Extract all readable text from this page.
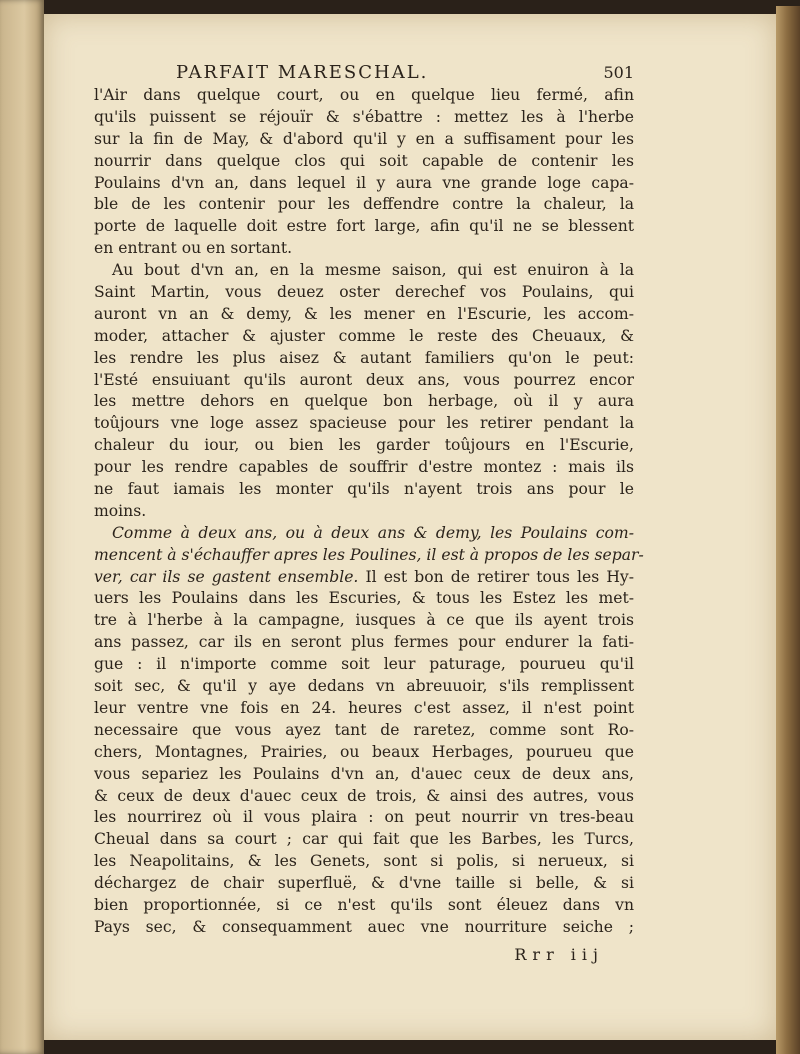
PARFAIT MARESCHAL.	501
l'Air dans quelque court, ou en quelque lieu fermé, afin
qu'ils puissent se réjouïr & s'ébattre : mettez les à l'herbe
sur la fin de May, & d'abord qu'il y en a suffisament pour les
nourrir dans quelque clos qui soit capable de contenir les
Poulains d'vn an, dans lequel il y aura vne grande loge capa-
ble de les contenir pour les deffendre contre la chaleur, la
porte de laquelle doit estre fort large, afin qu'il ne se blessent
en entrant ou en sortant.
Au bout d'vn an, en la mesme saison, qui est enuiron à la
Saint Martin, vous deuez oster derechef vos Poulains, qui
auront vn an & demy, & les mener en l'Escurie, les accom-
moder, attacher & ajuster comme le reste des Cheuaux, &
les rendre les plus aisez & autant familiers qu'on le peut:
l'Esté ensuiuant qu'ils auront deux ans, vous pourrez encor
les mettre dehors en quelque bon herbage, où il y aura
toûjours vne loge assez spacieuse pour les retirer pendant la
chaleur du iour, ou bien les garder toûjours en l'Escurie,
pour les rendre capables de souffrir d'estre montez : mais ils
ne faut iamais les monter qu'ils n'ayent trois ans pour le
moins.
Comme à deux ans, ou à deux ans & demy, les Poulains com-
mencent à s'échauffer apres les Poulines, il est à propos de les separ-
ver, car ils se gastent ensemble. Il est bon de retirer tous les Hy-
uers les Poulains dans les Escuries, & tous les Estez les met-
tre à l'herbe à la campagne, iusques à ce que ils ayent trois
ans passez, car ils en seront plus fermes pour endurer la fati-
gue : il n'importe comme soit leur paturage, pourueu qu'il
soit sec, & qu'il y aye dedans vn abreuuoir, s'ils remplissent
leur ventre vne fois en 24. heures c'est assez, il n'est point
necessaire que vous ayez tant de raretez, comme sont Ro-
chers, Montagnes, Prairies, ou beaux Herbages, pourueu que
vous separiez les Poulains d'vn an, d'auec ceux de deux ans,
& ceux de deux d'auec ceux de trois, & ainsi des autres, vous
les nourrirez où il vous plaira : on peut nourrir vn tres-beau
Cheual dans sa court ; car qui fait que les Barbes, les Turcs,
les Neapolitains, & les Genets, sont si polis, si nerueux, si
déchargez de chair superfluë, & d'vne taille si belle, & si
bien proportionnée, si ce n'est qu'ils sont éleuez dans vn
Pays sec, & consequamment auec vne nourriture seiche ;
Rrr iij
